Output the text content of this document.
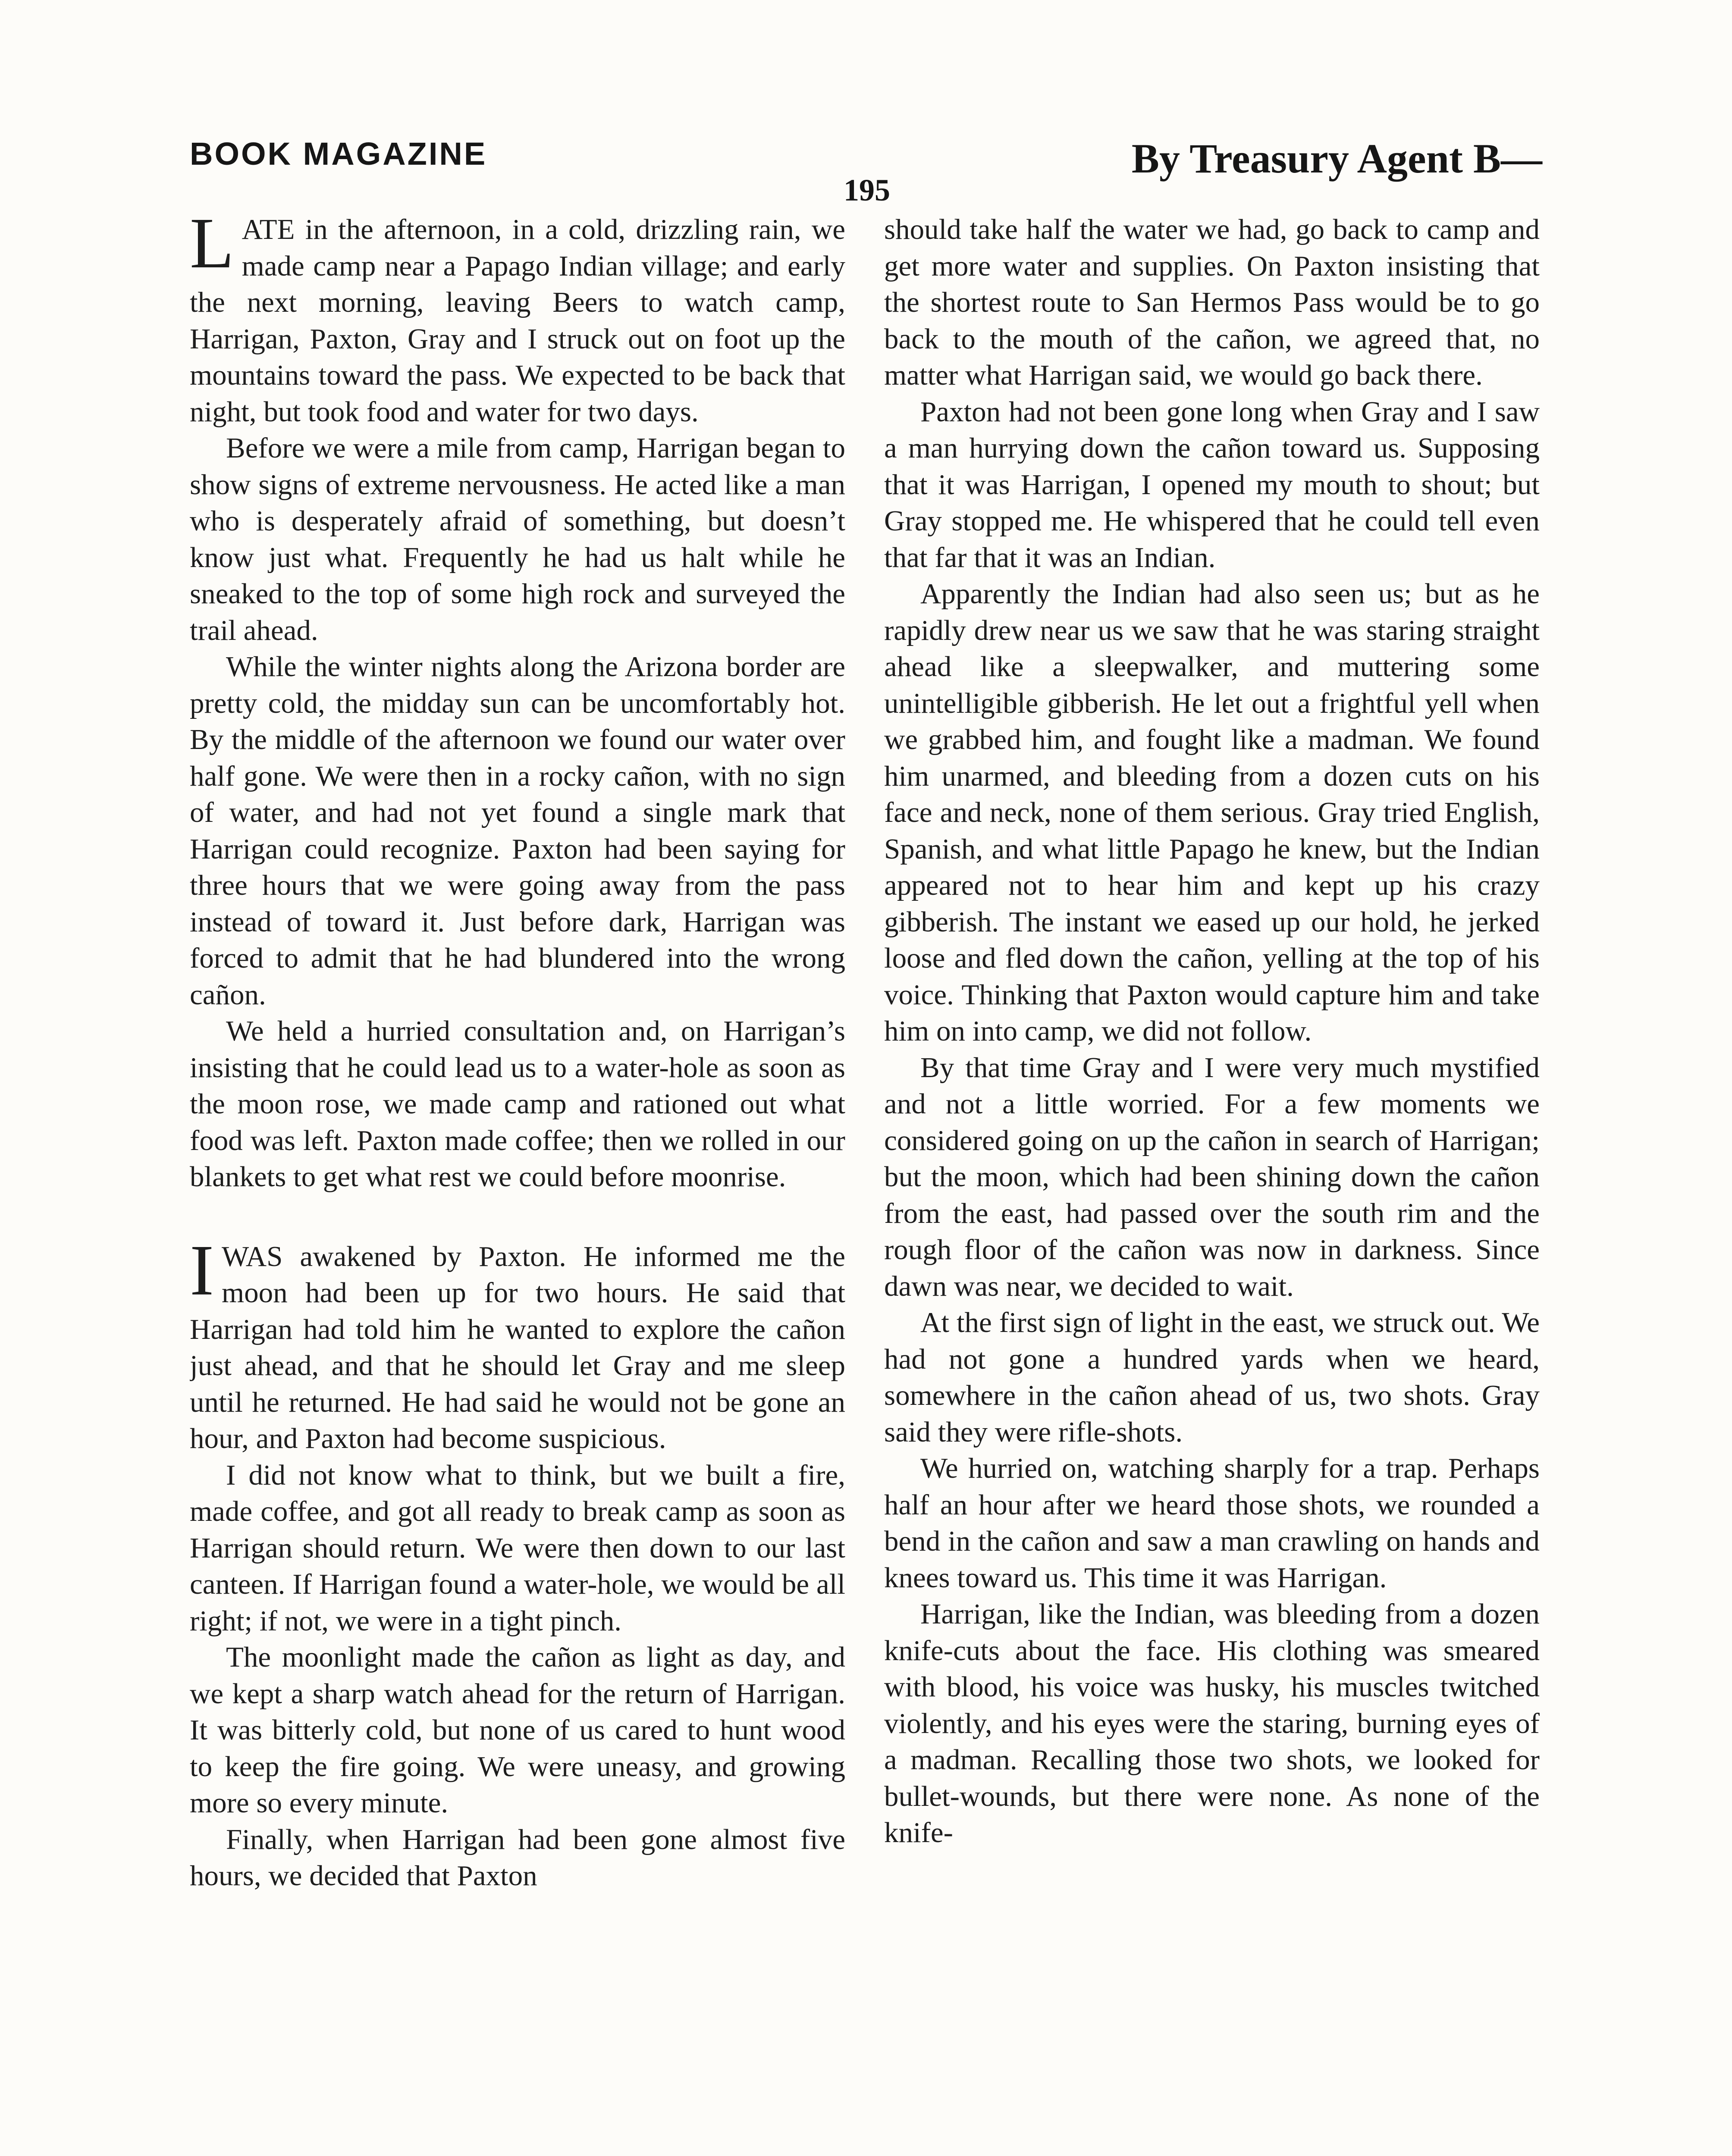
BOOK MAGAZINE	By Treasury Agent B—
195

LATE in the afternoon, in a cold, drizzling rain, we made camp near a Papago Indian village; and early the next morning, leaving Beers to watch camp, Harrigan, Paxton, Gray and I struck out on foot up the mountains toward the pass. We expected to be back that night, but took food and water for two days.

Before we were a mile from camp, Harrigan began to show signs of extreme nervousness. He acted like a man who is desperately afraid of something, but doesn’t know just what. Frequently he had us halt while he sneaked to the top of some high rock and surveyed the trail ahead.

While the winter nights along the Arizona border are pretty cold, the midday sun can be uncomfortably hot. By the middle of the afternoon we found our water over half gone. We were then in a rocky cañon, with no sign of water, and had not yet found a single mark that Harrigan could recognize. Paxton had been saying for three hours that we were going away from the pass instead of toward it. Just before dark, Harrigan was forced to admit that he had blundered into the wrong cañon.

We held a hurried consultation and, on Harrigan’s insisting that he could lead us to a water-hole as soon as the moon rose, we made camp and rationed out what food was left. Paxton made coffee; then we rolled in our blankets to get what rest we could before moonrise.

IWAS awakened by Paxton. He informed me the moon had been up for two hours. He said that Harrigan had told him he wanted to explore the cañon just ahead, and that he should let Gray and me sleep until he returned. He had said he would not be gone an hour, and Paxton had become suspicious.

I did not know what to think, but we built a fire, made coffee, and got all ready to break camp as soon as Harrigan should return. We were then down to our last canteen. If Harrigan found a water-hole, we would be all right; if not, we were in a tight pinch.

The moonlight made the cañon as light as day, and we kept a sharp watch ahead for the return of Harrigan. It was bitterly cold, but none of us cared to hunt wood to keep the fire going. We were uneasy, and growing more so every minute.

Finally, when Harrigan had been gone almost five hours, we decided that Paxton

should take half the water we had, go back to camp and get more water and supplies. On Paxton insisting that the shortest route to San Hermos Pass would be to go back to the mouth of the cañon, we agreed that, no matter what Harrigan said, we would go back there.

Paxton had not been gone long when Gray and I saw a man hurrying down the cañon toward us. Supposing that it was Harrigan, I opened my mouth to shout; but Gray stopped me. He whispered that he could tell even that far that it was an Indian.

Apparently the Indian had also seen us; but as he rapidly drew near us we saw that he was staring straight ahead like a sleepwalker, and muttering some unintelligible gibberish. He let out a frightful yell when we grabbed him, and fought like a madman. We found him unarmed, and bleeding from a dozen cuts on his face and neck, none of them serious. Gray tried English, Spanish, and what little Papago he knew, but the Indian appeared not to hear him and kept up his crazy gibberish. The instant we eased up our hold, he jerked loose and fled down the cañon, yelling at the top of his voice. Thinking that Paxton would capture him and take him on into camp, we did not follow.

By that time Gray and I were very much mystified and not a little worried. For a few moments we considered going on up the cañon in search of Harrigan; but the moon, which had been shining down the cañon from the east, had passed over the south rim and the rough floor of the cañon was now in darkness. Since dawn was near, we decided to wait.

At the first sign of light in the east, we struck out. We had not gone a hundred yards when we heard, somewhere in the cañon ahead of us, two shots. Gray said they were rifle-shots.

We hurried on, watching sharply for a trap. Perhaps half an hour after we heard those shots, we rounded a bend in the cañon and saw a man crawling on hands and knees toward us. This time it was Harrigan.

Harrigan, like the Indian, was bleeding from a dozen knife-cuts about the face. His clothing was smeared with blood, his voice was husky, his muscles twitched violently, and his eyes were the staring, burning eyes of a madman. Recalling those two shots, we looked for bullet-wounds, but there were none. As none of the knife-
